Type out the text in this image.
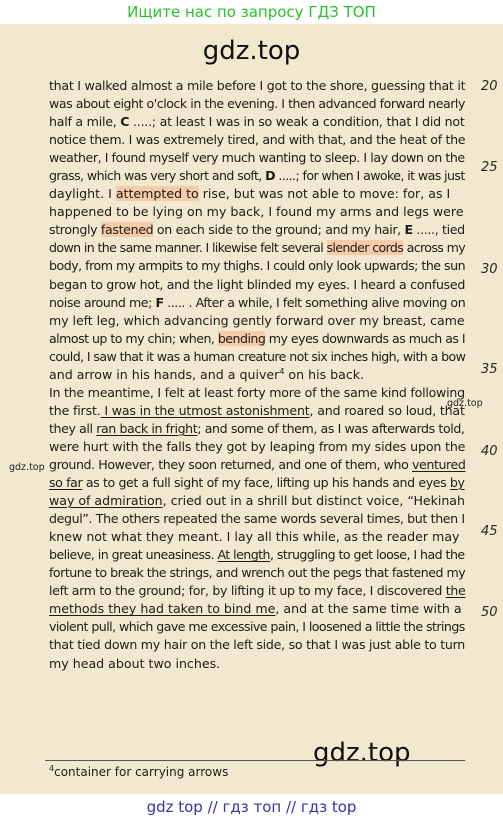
Ищите нас по запросу ГДЗ ТОП
gdz.top
that I walked almost a mile before I got to the shore, guessing that it
was about eight o'clock in the evening. I then advanced forward nearly
half a mile, C .....; at least I was in so weak a condition, that I did not
notice them. I was extremely tired, and with that, and the heat of the
weather, I found myself very much wanting to sleep. I lay down on the
grass, which was very short and soft, D .....; for when I awoke, it was just
daylight. I attempted to rise, but was not able to move: for, as I
happened to be lying on my back, I found my arms and legs were
strongly fastened on each side to the ground; and my hair, E ....., tied
down in the same manner. I likewise felt several slender cords across my
body, from my armpits to my thighs. I could only look upwards; the sun
began to grow hot, and the light blinded my eyes. I heard a confused
noise around me; F ..... . After a while, I felt something alive moving on
my left leg, which advancing gently forward over my breast, came
almost up to my chin; when, bending my eyes downwards as much as I
could, I saw that it was a human creature not six inches high, with a bow
and arrow in his hands, and a quiver$^4$ on his back.
In the meantime, I felt at least forty more of the same kind following
the first. I was in the utmost astonishment, and roared so loud, that
they all ran back in fright; and some of them, as I was afterwards told,
were hurt with the falls they got by leaping from my sides upon the
ground. However, they soon returned, and one of them, who ventured
so far as to get a full sight of my face, lifting up his hands and eyes by
way of admiration, cried out in a shrill but distinct voice, “Hekinah
degul”. The others repeated the same words several times, but then I
knew not what they meant. I lay all this while, as the reader may
believe, in great uneasiness. At length, struggling to get loose, I had the
fortune to break the strings, and wrench out the pegs that fastened my
left arm to the ground; for, by lifting it up to my face, I discovered the
methods they had taken to bind me, and at the same time with a
violent pull, which gave me excessive pain, I loosened a little the strings
that tied down my hair on the left side, so that I was just able to turn
my head about two inches.
20
25
30
35
40
45
50
gdz.top
gdz.top
gdz.top
$^4$container for carrying arrows
gdz top // гдз топ // гдз top
